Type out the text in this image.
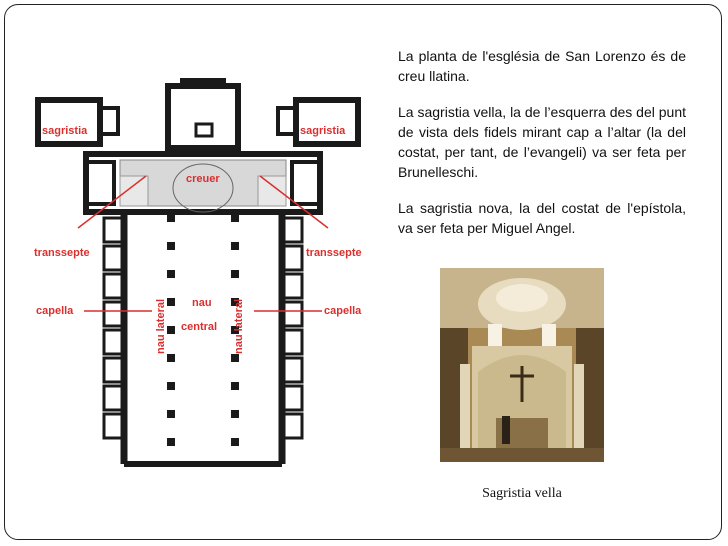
sagristia	sagristia
creuer
transsepte	transsepte
capella	capella
nau lateral	nau lateral
nau
central

La planta de l'església de San Lorenzo és de creu llatina.

La sagristia vella, la de l’esquerra des del punt de vista dels fidels mirant cap a l’altar (la del costat, per tant, de l’evangeli) va ser feta per Brunelleschi.

La sagristia nova, la del costat de l'epístola, va ser feta per Miguel Angel.

Sagristia vella
